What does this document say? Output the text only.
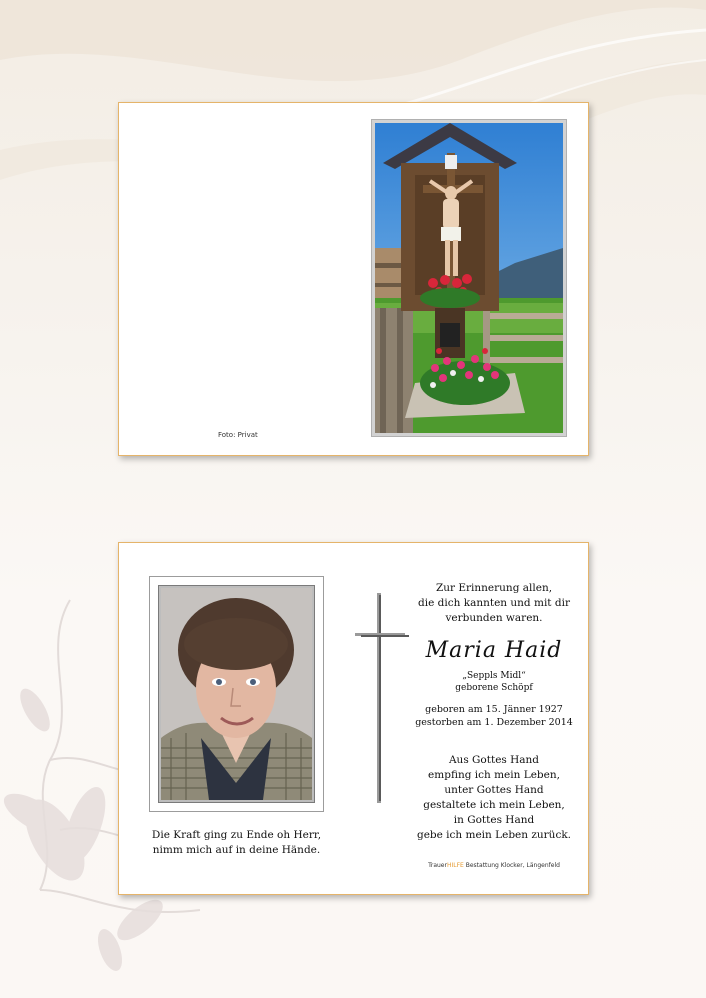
Foto: Privat
Die Kraft ging zu Ende oh Herr,
nimm mich auf in deine Hände.
Zur Erinnerung allen,
die dich kannten und mit dir
verbunden waren.
Maria Haid
„Seppls Midl“
geborene Schöpf
geboren am 15. Jänner 1927
gestorben am 1. Dezember 2014
Aus Gottes Hand
empfing ich mein Leben,
unter Gottes Hand
gestaltete ich mein Leben,
in Gottes Hand
gebe ich mein Leben zurück.
TrauerHILFE Bestattung Klocker, Längenfeld
